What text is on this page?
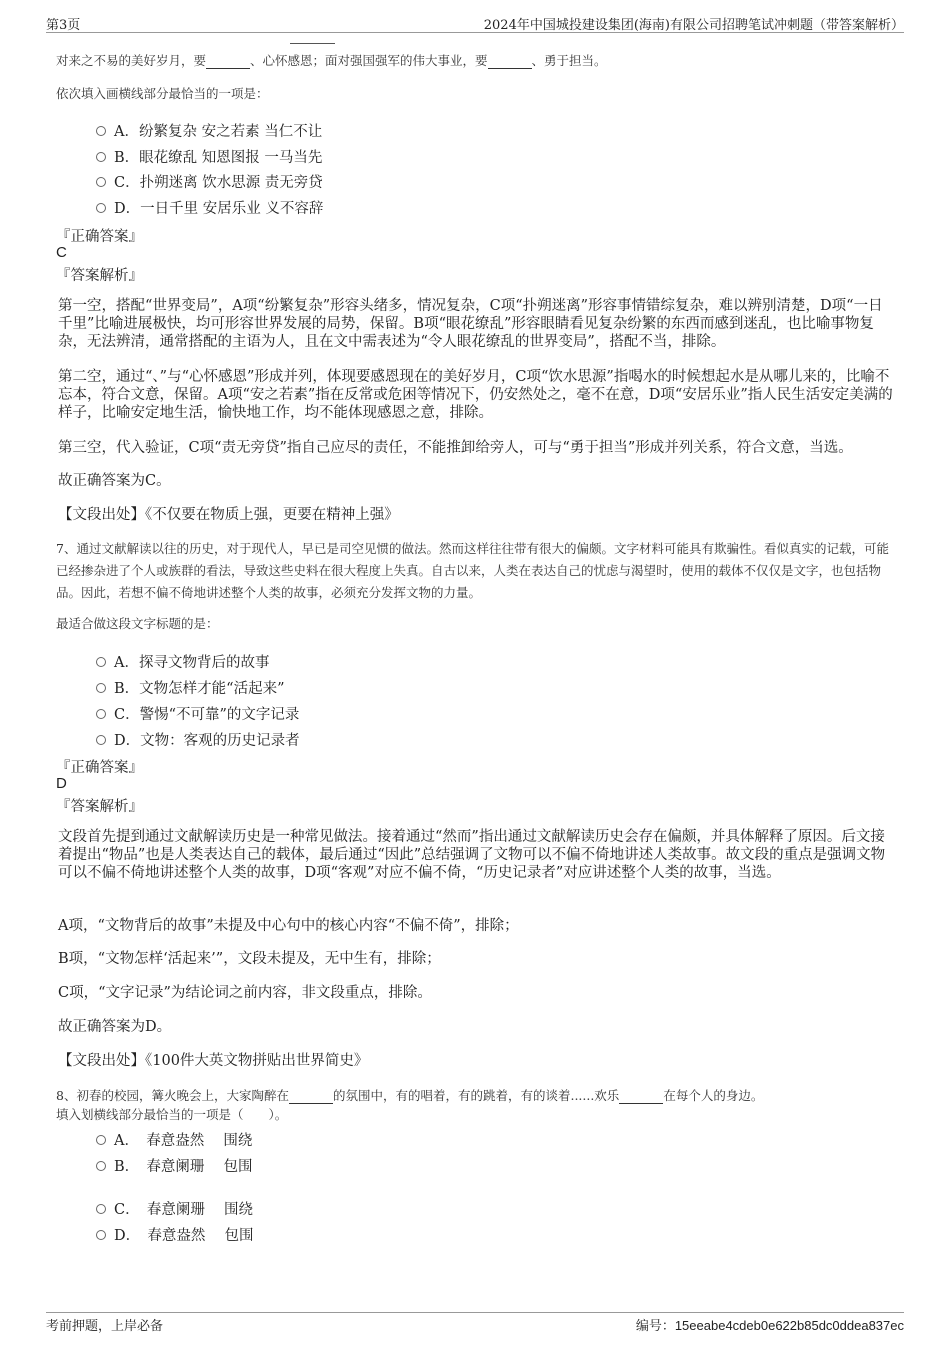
第3页	2024年中国城投建设集团(海南)有限公司招聘笔试冲刺题（带答案解析）
对来之不易的美好岁月，要	、心怀感恩；面对强国强军的伟大事业，要	、勇于担当。
依次填入画横线部分最恰当的一项是：
A．纷繁复杂 安之若素 当仁不让
B．眼花缭乱 知恩图报 一马当先
C．扑朔迷离 饮水思源 责无旁贷
D．一日千里 安居乐业 义不容辞
『正确答案』
C
『答案解析』
第一空，搭配“世界变局”，A项“纷繁复杂”形容头绪多，情况复杂，C项“扑朔迷离”形容事情错综复杂，难以辨别清楚，D项“一日千里”比喻进展极快，均可形容世界发展的局势，保留。B项“眼花缭乱”形容眼睛看见复杂纷繁的东西而感到迷乱，也比喻事物复杂，无法辨清，通常搭配的主语为人，且在文中需表述为“令人眼花缭乱的世界变局”，搭配不当，排除。
第二空，通过“、”与“心怀感恩”形成并列，体现要感恩现在的美好岁月，C项“饮水思源”指喝水的时候想起水是从哪儿来的，比喻不忘本，符合文意，保留。A项“安之若素”指在反常或危困等情况下，仍安然处之，毫不在意，D项“安居乐业”指人民生活安定美满的样子，比喻安定地生活，愉快地工作，均不能体现感恩之意，排除。
第三空，代入验证，C项“责无旁贷”指自己应尽的责任，不能推卸给旁人，可与“勇于担当”形成并列关系，符合文意，当选。
故正确答案为C。
【文段出处】《不仅要在物质上强，更要在精神上强》
7、通过文献解读以往的历史，对于现代人，早已是司空见惯的做法。然而这样往往带有很大的偏颇。文字材料可能具有欺骗性。看似真实的记载，可能已经掺杂进了个人或族群的看法，导致这些史料在很大程度上失真。自古以来，人类在表达自己的忧虑与渴望时，使用的载体不仅仅是文字，也包括物品。因此，若想不偏不倚地讲述整个人类的故事，必须充分发挥文物的力量。
最适合做这段文字标题的是：
A．探寻文物背后的故事
B．文物怎样才能“活起来”
C．警惕“不可靠”的文字记录
D．文物：客观的历史记录者
『正确答案』
D
『答案解析』
文段首先提到通过文献解读历史是一种常见做法。接着通过“然而”指出通过文献解读历史会存在偏颇，并具体解释了原因。后文接着提出“物品”也是人类表达自己的载体，最后通过“因此”总结强调了文物可以不偏不倚地讲述人类故事。故文段的重点是强调文物可以不偏不倚地讲述整个人类的故事，D项“客观”对应不偏不倚，“历史记录者”对应讲述整个人类的故事，当选。
A项，“文物背后的故事”未提及中心句中的核心内容“不偏不倚”，排除；
B项，“文物怎样‘活起来’”，文段未提及，无中生有，排除；
C项，“文字记录”为结论词之前内容，非文段重点，排除。
故正确答案为D。
【文段出处】《100件大英文物拼贴出世界简史》
8、初春的校园，篝火晚会上，大家陶醉在	的氛围中，有的唱着，有的跳着，有的谈着......欢乐	在每个人的身边。
填入划横线部分最恰当的一项是（　　）。
A．　春意盎然　 围绕
B．　春意阑珊　 包围
C．　春意阑珊　 围绕
D．　春意盎然　 包围
考前押题，上岸必备	编号：15eeabe4cdeb0e622b85dc0ddea837ec
